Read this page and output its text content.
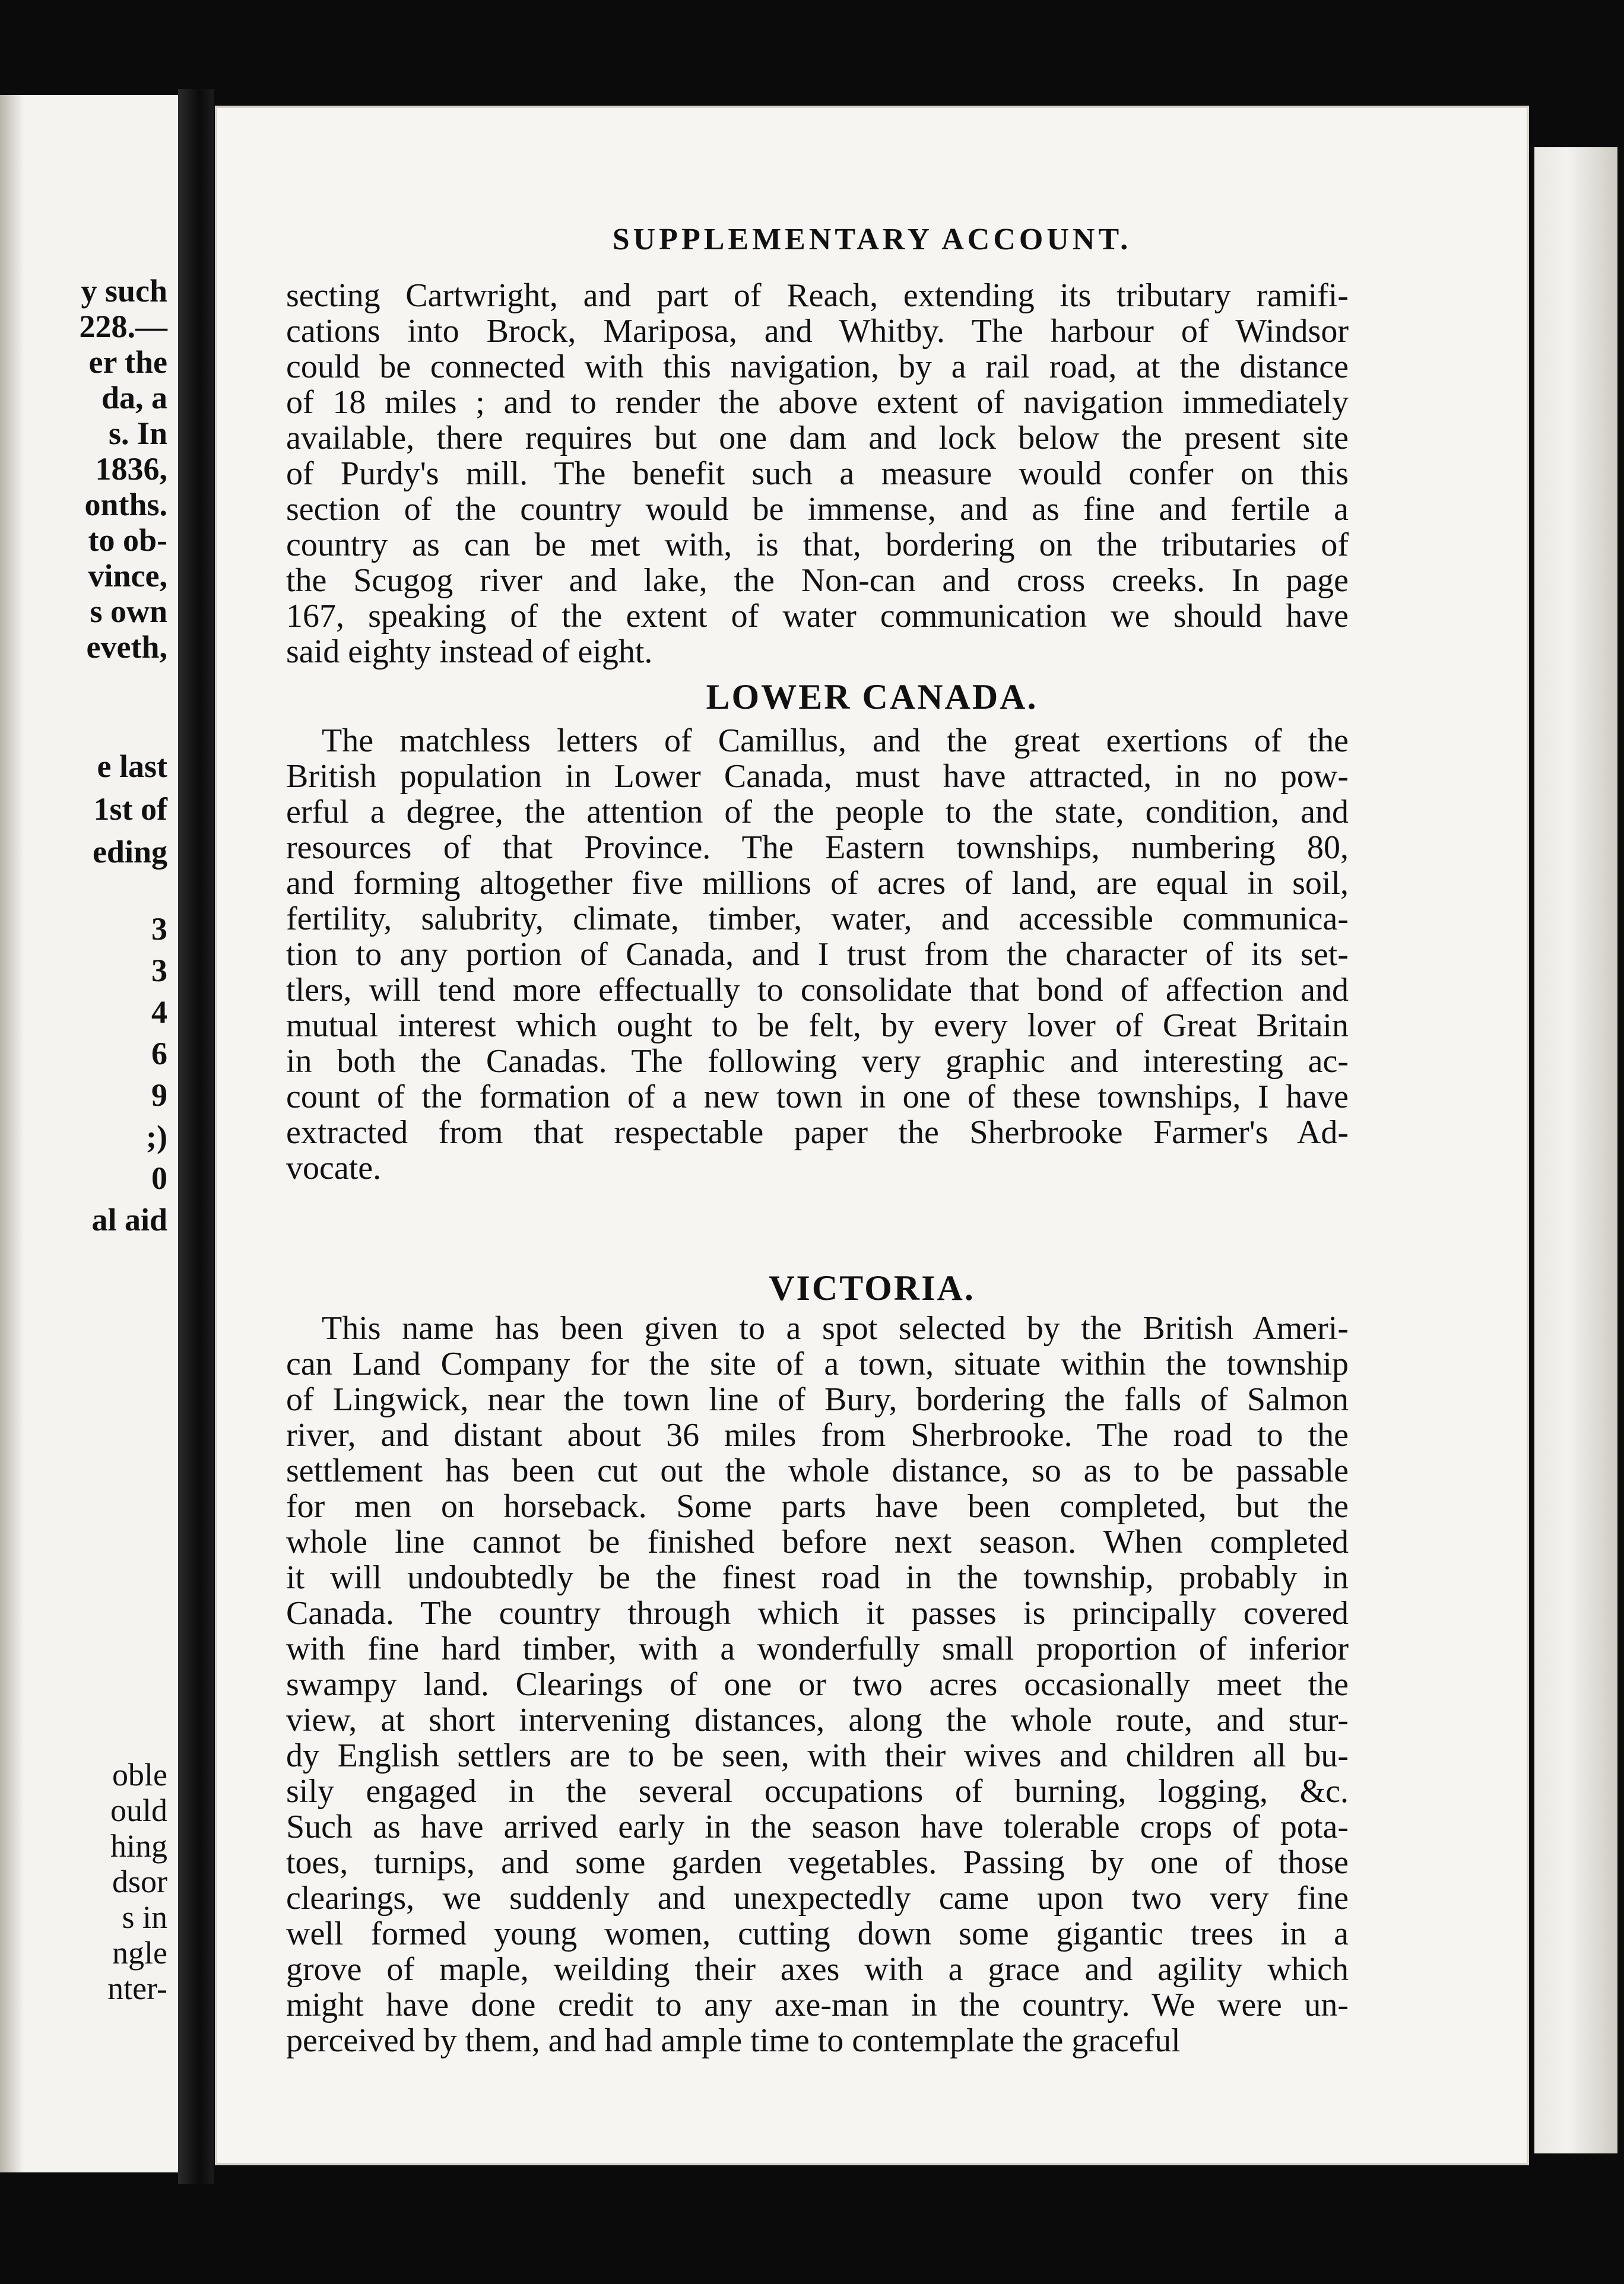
y such
228.—
er the
da, a
s. In
1836,
onths.
to ob-
vince,
s own
eveth,
e last
1st of
eding
3
3
4
6
9
;)
0
al aid
oble
ould
hing
dsor
s in
ngle
nter-
SUPPLEMENTARY ACCOUNT.
secting Cartwright, and part of Reach, extending its tributary ramifi-
cations into Brock, Mariposa, and Whitby. The harbour of Windsor
could be connected with this navigation, by a rail road, at the distance
of 18 miles ; and to render the above extent of navigation immediately
available, there requires but one dam and lock below the present site
of Purdy's mill. The benefit such a measure would confer on this
section of the country would be immense, and as fine and fertile a
country as can be met with, is that, bordering on the tributaries of
the Scugog river and lake, the Non-can and cross creeks. In page
167, speaking of the extent of water communication we should have
said eighty instead of eight.
LOWER CANADA.
The matchless letters of Camillus, and the great exertions of the
British population in Lower Canada, must have attracted, in no pow-
erful a degree, the attention of the people to the state, condition, and
resources of that Province. The Eastern townships, numbering 80,
and forming altogether five millions of acres of land, are equal in soil,
fertility, salubrity, climate, timber, water, and accessible communica-
tion to any portion of Canada, and I trust from the character of its set-
tlers, will tend more effectually to consolidate that bond of affection and
mutual interest which ought to be felt, by every lover of Great Britain
in both the Canadas. The following very graphic and interesting ac-
count of the formation of a new town in one of these townships, I have
extracted from that respectable paper the Sherbrooke Farmer's Ad-
vocate.
VICTORIA.
This name has been given to a spot selected by the British Ameri-
can Land Company for the site of a town, situate within the township
of Lingwick, near the town line of Bury, bordering the falls of Salmon
river, and distant about 36 miles from Sherbrooke. The road to the
settlement has been cut out the whole distance, so as to be passable
for men on horseback. Some parts have been completed, but the
whole line cannot be finished before next season. When completed
it will undoubtedly be the finest road in the township, probably in
Canada. The country through which it passes is principally covered
with fine hard timber, with a wonderfully small proportion of inferior
swampy land. Clearings of one or two acres occasionally meet the
view, at short intervening distances, along the whole route, and stur-
dy English settlers are to be seen, with their wives and children all bu-
sily engaged in the several occupations of burning, logging, &c.
Such as have arrived early in the season have tolerable crops of pota-
toes, turnips, and some garden vegetables. Passing by one of those
clearings, we suddenly and unexpectedly came upon two very fine
well formed young women, cutting down some gigantic trees in a
grove of maple, weilding their axes with a grace and agility which
might have done credit to any axe-man in the country. We were un-
perceived by them, and had ample time to contemplate the graceful
